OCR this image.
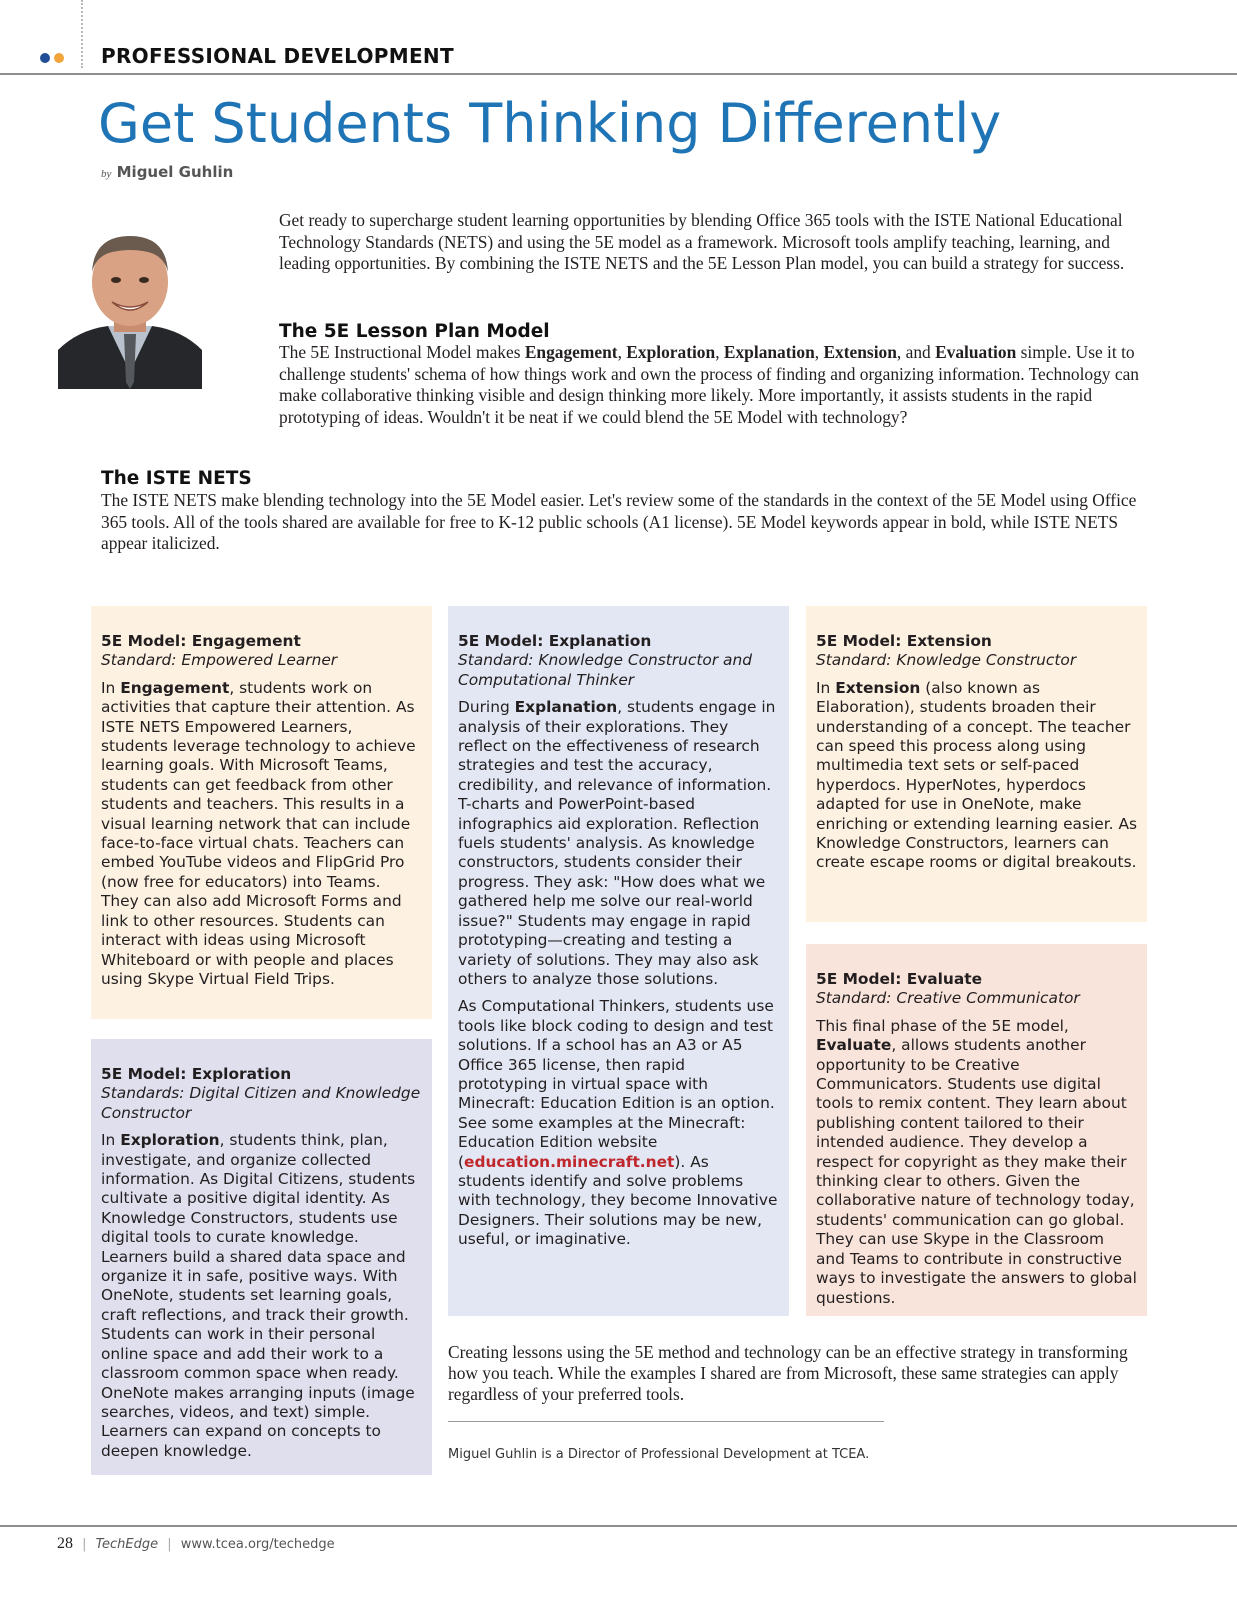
PROFESSIONAL DEVELOPMENT
Get Students Thinking Differently
by Miguel Guhlin

Get ready to supercharge student learning opportunities by blending Office 365 tools with the ISTE National Educational Technology Standards (NETS) and using the 5E model as a framework. Microsoft tools amplify teaching, learning, and leading opportunities. By combining the ISTE NETS and the 5E Lesson Plan model, you can build a strategy for success.

The 5E Lesson Plan Model

The 5E Instructional Model makes Engagement, Exploration, Explanation, Extension, and Evaluation simple. Use it to challenge students' schema of how things work and own the process of finding and organizing information. Technology can make collaborative thinking visible and design thinking more likely. More importantly, it assists students in the rapid prototyping of ideas. Wouldn't it be neat if we could blend the 5E Model with technology?

The ISTE NETS

The ISTE NETS make blending technology into the 5E Model easier. Let's review some of the standards in the context of the 5E Model using Office 365 tools. All of the tools shared are available for free to K-12 public schools (A1 license). 5E Model keywords appear in bold, while ISTE NETS appear italicized.

5E Model: Engagement
Standard: Empowered Learner

In Engagement, students work on activities that capture their attention. As ISTE NETS Empowered Learners, students leverage technology to achieve learning goals. With Microsoft Teams, students can get feedback from other students and teachers. This results in a visual learning network that can include face-to-face virtual chats. Teachers can embed YouTube videos and FlipGrid Pro (now free for educators) into Teams. They can also add Microsoft Forms and link to other resources. Students can interact with ideas using Microsoft Whiteboard or with people and places using Skype Virtual Field Trips.

5E Model: Exploration
Standards: Digital Citizen and Knowledge Constructor

In Exploration, students think, plan, investigate, and organize collected information. As Digital Citizens, students cultivate a positive digital identity. As Knowledge Constructors, students use digital tools to curate knowledge. Learners build a shared data space and organize it in safe, positive ways. With OneNote, students set learning goals, craft reflections, and track their growth. Students can work in their personal online space and add their work to a classroom common space when ready. OneNote makes arranging inputs (image searches, videos, and text) simple. Learners can expand on concepts to deepen knowledge.

5E Model: Explanation
Standard: Knowledge Constructor and Computational Thinker

During Explanation, students engage in analysis of their explorations. They reflect on the effectiveness of research strategies and test the accuracy, credibility, and relevance of information. T-charts and PowerPoint-based infographics aid exploration. Reflection fuels students' analysis. As knowledge constructors, students consider their progress. They ask: "How does what we gathered help me solve our real-world issue?" Students may engage in rapid prototyping—creating and testing a variety of solutions. They may also ask others to analyze those solutions.

As Computational Thinkers, students use tools like block coding to design and test solutions. If a school has an A3 or A5 Office 365 license, then rapid prototyping in virtual space with Minecraft: Education Edition is an option. See some examples at the Minecraft: Education Edition website (education.minecraft.net). As students identify and solve problems with technology, they become Innovative Designers. Their solutions may be new, useful, or imaginative.

5E Model: Extension
Standard: Knowledge Constructor

In Extension (also known as Elaboration), students broaden their understanding of a concept. The teacher can speed this process along using multimedia text sets or self-paced hyperdocs. HyperNotes, hyperdocs adapted for use in OneNote, make enriching or extending learning easier. As Knowledge Constructors, learners can create escape rooms or digital breakouts.

5E Model: Evaluate
Standard: Creative Communicator

This final phase of the 5E model, Evaluate, allows students another opportunity to be Creative Communicators. Students use digital tools to remix content. They learn about publishing content tailored to their intended audience. They develop a respect for copyright as they make their thinking clear to others. Given the collaborative nature of technology today, students' communication can go global. They can use Skype in the Classroom and Teams to contribute in constructive ways to investigate the answers to global questions.

Creating lessons using the 5E method and technology can be an effective strategy in transforming how you teach. While the examples I shared are from Microsoft, these same strategies can apply regardless of your preferred tools.

Miguel Guhlin is a Director of Professional Development at TCEA.
28 | TechEdge | www.tcea.org/techedge
